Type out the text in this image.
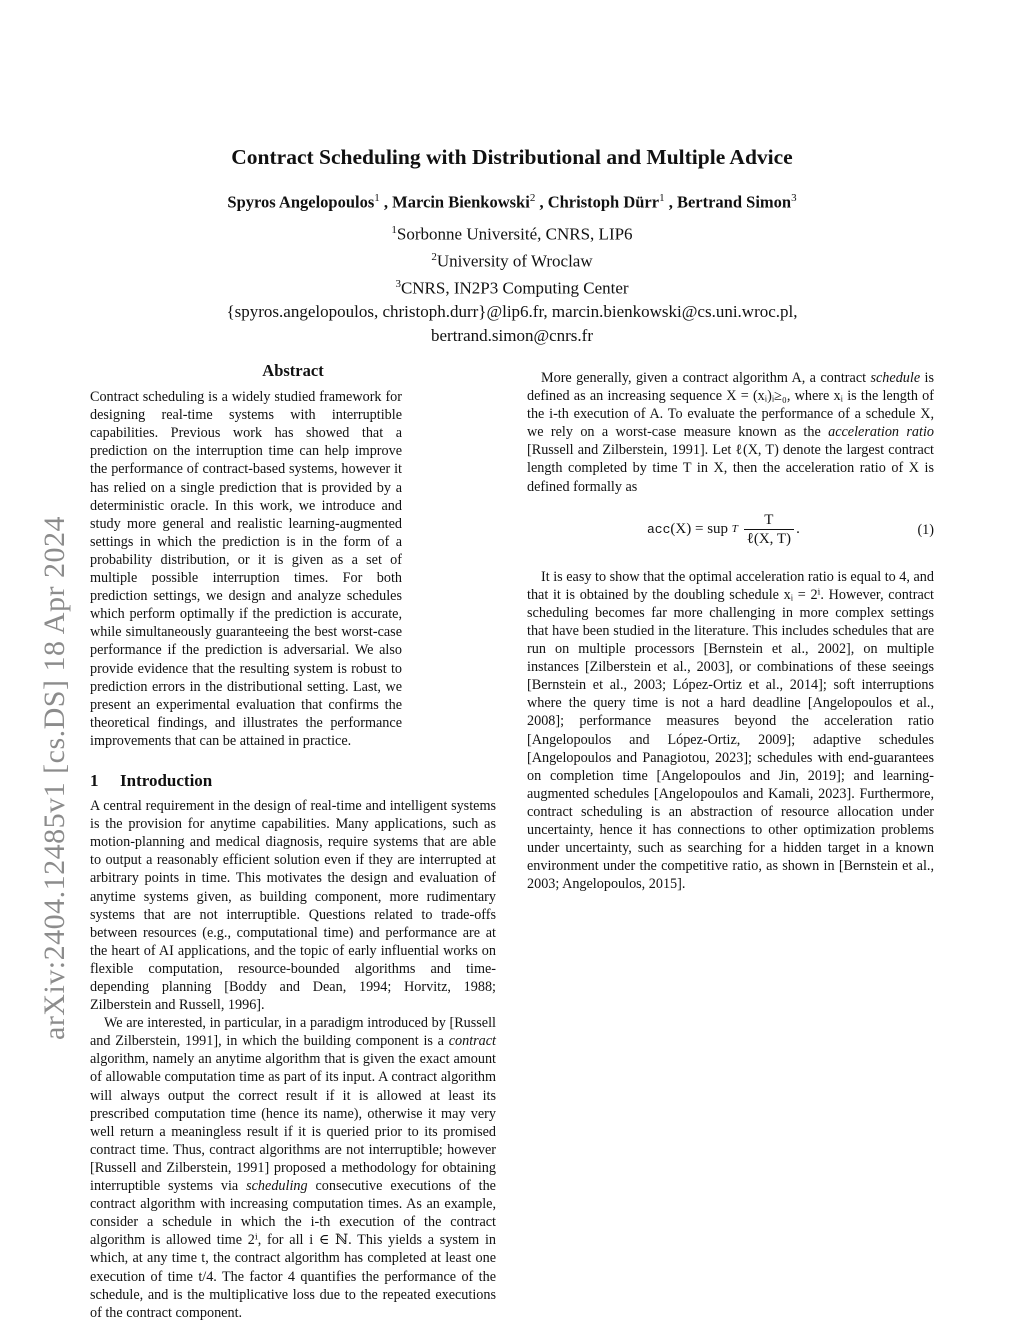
arXiv:2404.12485v1 [cs.DS] 18 Apr 2024
Contract Scheduling with Distributional and Multiple Advice
Spyros Angelopoulos$^1$ , Marcin Bienkowski$^2$ , Christoph Dürr$^1$ , Bertrand Simon$^3$
$^1$Sorbonne Université, CNRS, LIP6
$^2$University of Wroclaw
$^3$CNRS, IN2P3 Computing Center
{spyros.angelopoulos, christoph.durr}@lip6.fr, marcin.bienkowski@cs.uni.wroc.pl,
bertrand.simon@cnrs.fr
Abstract

Contract scheduling is a widely studied framework for designing real-time systems with interruptible capabilities. Previous work has showed that a prediction on the interruption time can help improve the performance of contract-based systems, however it has relied on a single prediction that is provided by a deterministic oracle. In this work, we introduce and study more general and realistic learning-augmented settings in which the prediction is in the form of a probability distribution, or it is given as a set of multiple possible interruption times. For both prediction settings, we design and analyze schedules which perform optimally if the prediction is accurate, while simultaneously guaranteeing the best worst-case performance if the prediction is adversarial. We also provide evidence that the resulting system is robust to prediction errors in the distributional setting. Last, we present an experimental evaluation that confirms the theoretical findings, and illustrates the performance improvements that can be attained in practice.

1 Introduction

A central requirement in the design of real-time and intelligent systems is the provision for anytime capabilities. Many applications, such as motion-planning and medical diagnosis, require systems that are able to output a reasonably efficient solution even if they are interrupted at arbitrary points in time. This motivates the design and evaluation of anytime systems given, as building component, more rudimentary systems that are not interruptible. Questions related to trade-offs between resources (e.g., computational time) and performance are at the heart of AI applications, and the topic of early influential works on flexible computation, resource-bounded algorithms and time-depending planning [Boddy and Dean, 1994; Horvitz, 1988; Zilberstein and Russell, 1996].

We are interested, in particular, in a paradigm introduced by [Russell and Zilberstein, 1991], in which the building component is a contract algorithm, namely an anytime algorithm that is given the exact amount of allowable computation time as part of its input. A contract algorithm will always output the correct result if it is allowed at least its prescribed computation time (hence its name), otherwise it may very well return a meaningless result if it is queried prior to its promised contract time. Thus, contract algorithms are not interruptible; however [Russell and Zilberstein, 1991] proposed a methodology for obtaining interruptible systems via scheduling consecutive executions of the contract algorithm with increasing computation times. As an example, consider a schedule in which the i-th execution of the contract algorithm is allowed time 2ⁱ, for all i ∈ ℕ. This yields a system in which, at any time t, the contract algorithm has completed at least one execution of time t/4. The factor 4 quantifies the performance of the schedule, and is the multiplicative loss due to the repeated executions of the contract component.

More generally, given a contract algorithm A, a contract schedule is defined as an increasing sequence X = (xᵢ)ᵢ≥₀, where xᵢ is the length of the i-th execution of A. To evaluate the performance of a schedule X, we rely on a worst-case measure known as the acceleration ratio [Russell and Zilberstein, 1991]. Let ℓ(X, T) denote the largest contract length completed by time T in X, then the acceleration ratio of X is defined formally as

acc(X) = sup T
$\frac{T}{\text{ℓ(X, T)}}$ .	(1)

It is easy to show that the optimal acceleration ratio is equal to 4, and that it is obtained by the doubling schedule xᵢ = 2ⁱ. However, contract scheduling becomes far more challenging in more complex settings that have been studied in the literature. This includes schedules that are run on multiple processors [Bernstein et al., 2002], on multiple instances [Zilberstein et al., 2003], or combinations of these seeings [Bernstein et al., 2003; López-Ortiz et al., 2014]; soft interruptions where the query time is not a hard deadline [Angelopoulos et al., 2008]; performance measures beyond the acceleration ratio [Angelopoulos and López-Ortiz, 2009]; adaptive schedules [Angelopoulos and Panagiotou, 2023]; schedules with end-guarantees on completion time [Angelopoulos and Jin, 2019]; and learning-augmented schedules [Angelopoulos and Kamali, 2023]. Furthermore, contract scheduling is an abstraction of resource allocation under uncertainty, hence it has connections to other optimization problems under uncertainty, such as searching for a hidden target in a known environment under the competitive ratio, as shown in [Bernstein et al., 2003; Angelopoulos, 2015].
